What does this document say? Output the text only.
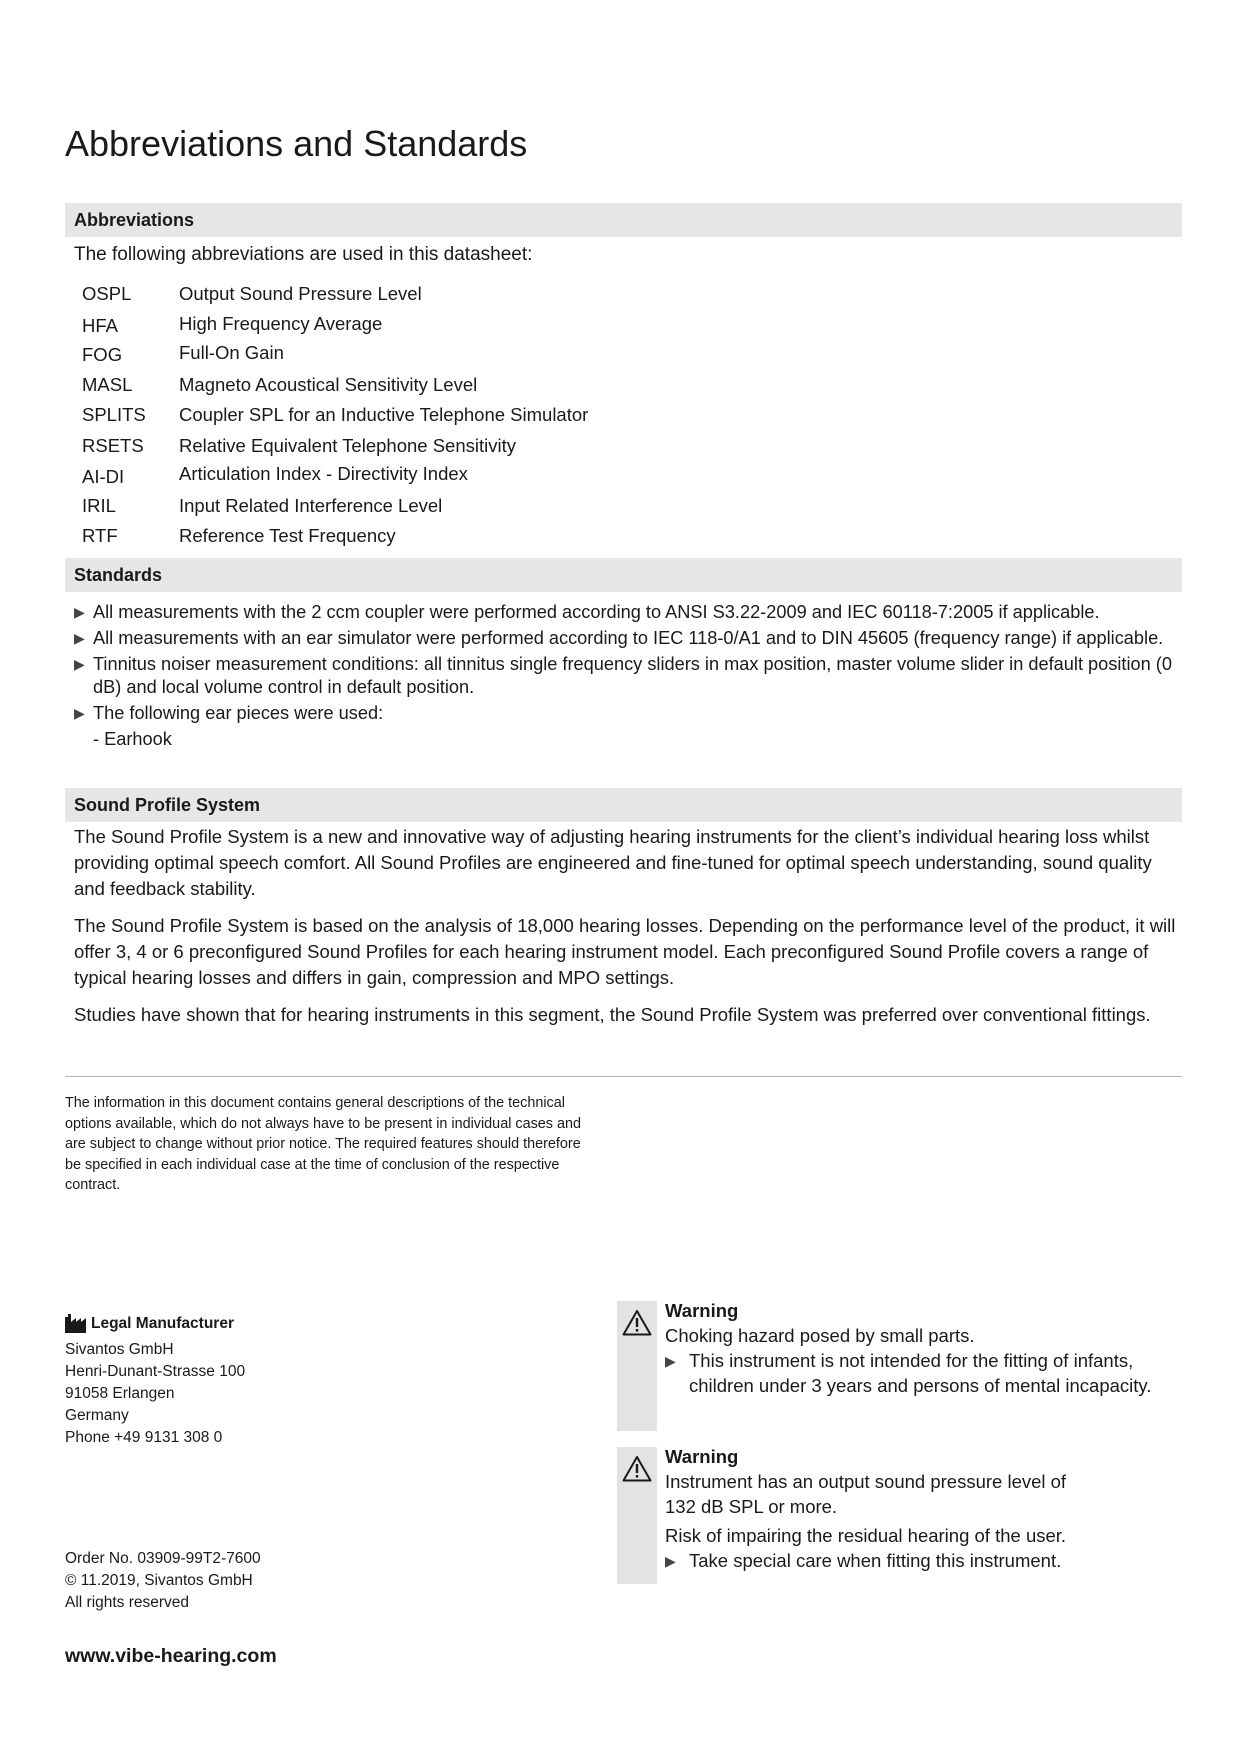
Abbreviations and Standards
Abbreviations
The following abbreviations are used in this datasheet:
OSPL	Output Sound Pressure Level
HFA	High Frequency Average
FOG	Full-On Gain
MASL	Magneto Acoustical Sensitivity Level
SPLITS	Coupler SPL for an Inductive Telephone Simulator
RSETS	Relative Equivalent Telephone Sensitivity
AI-DI	Articulation Index - Directivity Index
IRIL	Input Related Interference Level
RTF	Reference Test Frequency
Standards
▶ All measurements with the 2 ccm coupler were performed according to ANSI S3.22-2009 and IEC 60118-7:2005 if applicable.
▶ All measurements with an ear simulator were performed according to IEC 118-0/A1 and to DIN 45605 (frequency range) if applicable.
▶ Tinnitus noiser measurement conditions: all tinnitus single frequency sliders in max position, master volume slider in default position (0 dB) and local volume control in default position.
▶ The following ear pieces were used:
- Earhook
Sound Profile System

The Sound Profile System is a new and innovative way of adjusting hearing instruments for the client’s individual hearing loss whilst providing optimal speech comfort. All Sound Profiles are engineered and fine-tuned for optimal speech understanding, sound quality and feedback stability.

The Sound Profile System is based on the analysis of 18,000 hearing losses. Depending on the performance level of the product, it will offer 3, 4 or 6 preconfigured Sound Profiles for each hearing instrument model. Each preconfigured Sound Profile covers a range of typical hearing losses and differs in gain, compression and MPO settings.

Studies have shown that for hearing instruments in this segment, the Sound Profile System was preferred over conventional fittings.

The information in this document contains general descriptions of the technical options available, which do not always have to be present in individual cases and are subject to change without prior notice. The required features should therefore be specified in each individual case at the time of conclusion of the respective contract.

Legal Manufacturer
Sivantos GmbH
Henri-Dunant-Strasse 100
91058 Erlangen
Germany
Phone +49 9131 308 0
Order No. 03909-99T2-7600
© 11.2019, Sivantos GmbH
All rights reserved
www.vibe-hearing.com
Warning
Choking hazard posed by small parts.
▶ This instrument is not intended for the fitting of infants, children under 3 years and persons of mental incapacity.
Warning
Instrument has an output sound pressure level of 132 dB SPL or more.
Risk of impairing the residual hearing of the user.
▶ Take special care when fitting this instrument.
